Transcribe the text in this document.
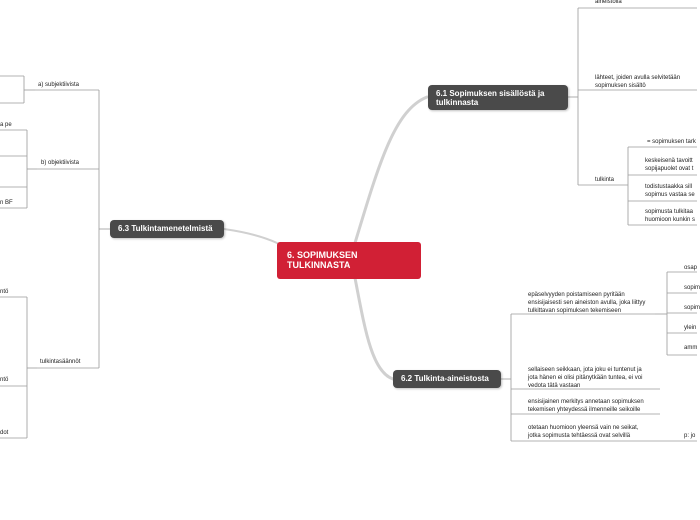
6. SOPIMUKSEN
TULKINNASTA
6.1 Sopimuksen sisällöstä ja
tulkinnasta
6.2 Tulkinta-aineistosta
6.3 Tulkintamenetelmistä
aineistolla
lähteet, joiden avulla selvitetään
sopimuksen sisältö
tulkinta
= sopimuksen tark
keskeisenä tavoitt
sopijapuolet ovat t
todistustaakka sill
sopimus vastaa se
sopimusta tulkitaa
huomioon kunkin s
epäselvyyden poistamiseen pyritään
ensisijaisesti sen aineiston avulla, joka liittyy
tulkittavan sopimuksen tekemiseen
osap
sopim
sopim
ylein
amm
sellaiseen seikkaan, jota joku ei tuntenut ja
jota hänen ei olisi pitänytkään tuntea, ei voi
vedota tätä vastaan
ensisijainen merkitys annetaan sopimuksen
tekemisen yhteydessä ilmenneille seikoille
otetaan huomioon yleensä vain ne seikat,
jotka sopimusta tehtäessä ovat selvillä	p: jo
a) subjektiivista
b) objektiivista
tulkintasäännöt
a pe
n BF
ntö
ntö
dot
